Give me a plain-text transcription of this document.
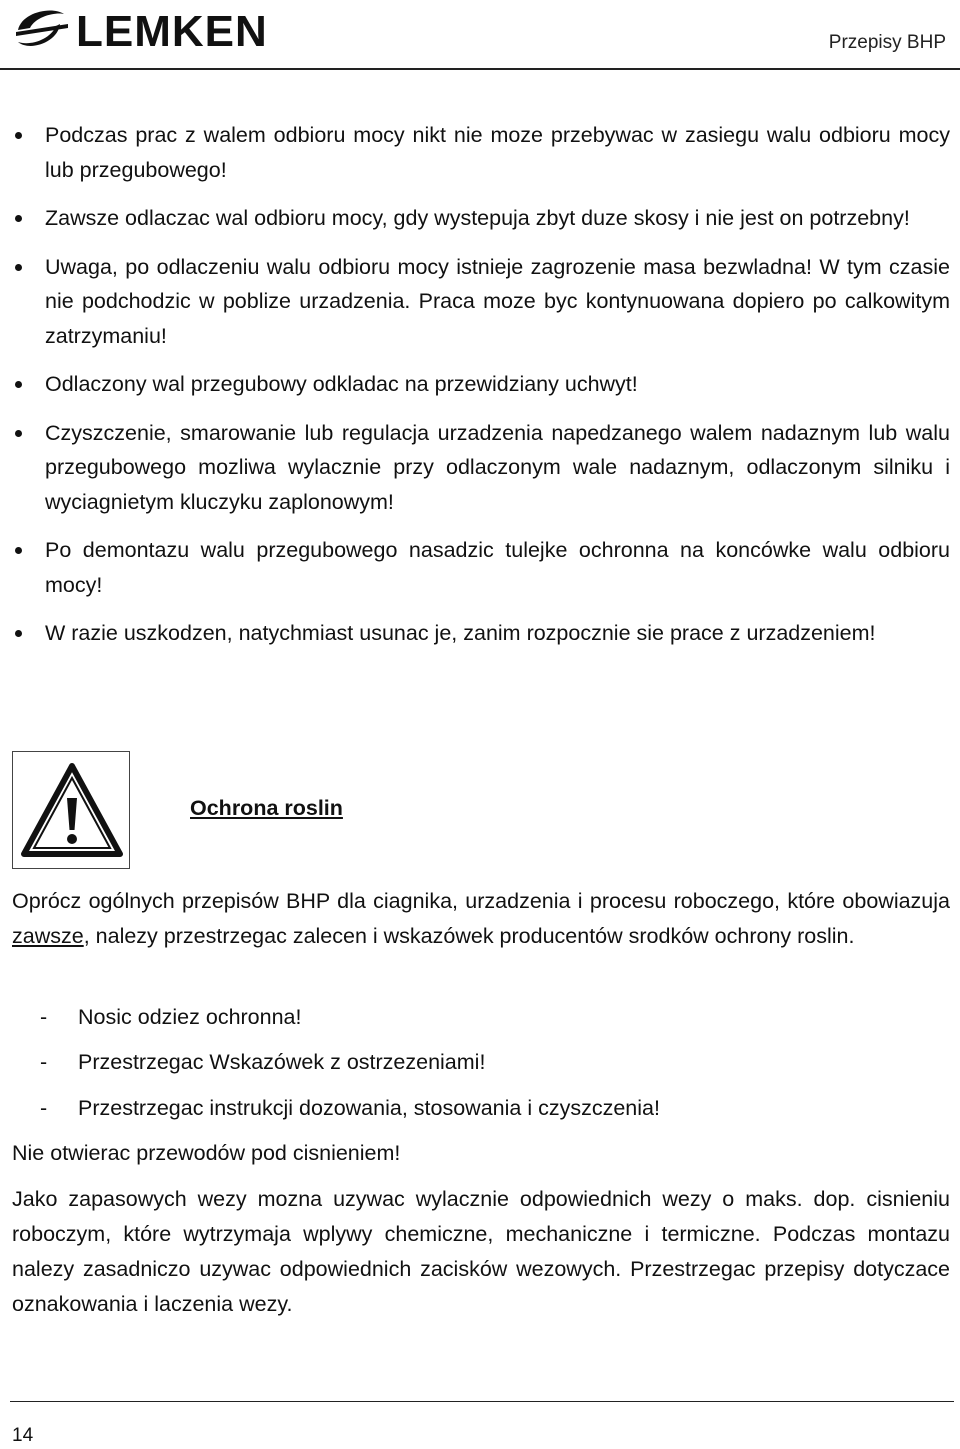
LEMKEN	Przepisy BHP
Podczas prac z walem odbioru mocy nikt nie moze przebywac w zasiegu walu odbioru mocy lub przegubowego!
Zawsze odlaczac wal odbioru mocy, gdy wystepuja zbyt duze skosy i nie jest on potrzebny!
Uwaga, po odlaczeniu walu odbioru mocy istnieje zagrozenie masa bezwladna! W tym czasie nie podchodzic w poblize urzadzenia. Praca moze byc kontynuowana dopiero po calkowitym zatrzymaniu!
Odlaczony wal przegubowy odkladac na przewidziany uchwyt!
Czyszczenie, smarowanie lub regulacja urzadzenia napedzanego walem nadaznym lub walu przegubowego mozliwa wylacznie przy odlaczonym wale nadaznym, odlaczonym silniku i wyciagnietym kluczyku zaplonowym!
Po demontazu walu przegubowego nasadzic tulejke ochronna na koncówke walu odbioru mocy!
W razie uszkodzen, natychmiast usunac je, zanim rozpocznie sie prace z urzadzeniem!
Ochrona roslin

Oprócz ogólnych przepisów BHP dla ciagnika, urzadzenia i procesu roboczego, które obowiazuja zawsze, nalezy przestrzegac zalecen i wskazówek producentów srodków ochrony roslin.

- Nosic odziez ochronna!
- Przestrzegac Wskazówek z ostrzezeniami!
- Przestrzegac instrukcji dozowania, stosowania i czyszczenia!

Nie otwierac przewodów pod cisnieniem!

Jako zapasowych wezy mozna uzywac wylacznie odpowiednich wezy o maks. dop. cisnieniu roboczym, które wytrzymaja wplywy chemiczne, mechaniczne i termiczne. Podczas montazu nalezy zasadniczo uzywac odpowiednich zacisków wezowych. Przestrzegac przepisy dotyczace oznakowania i laczenia wezy.

14
